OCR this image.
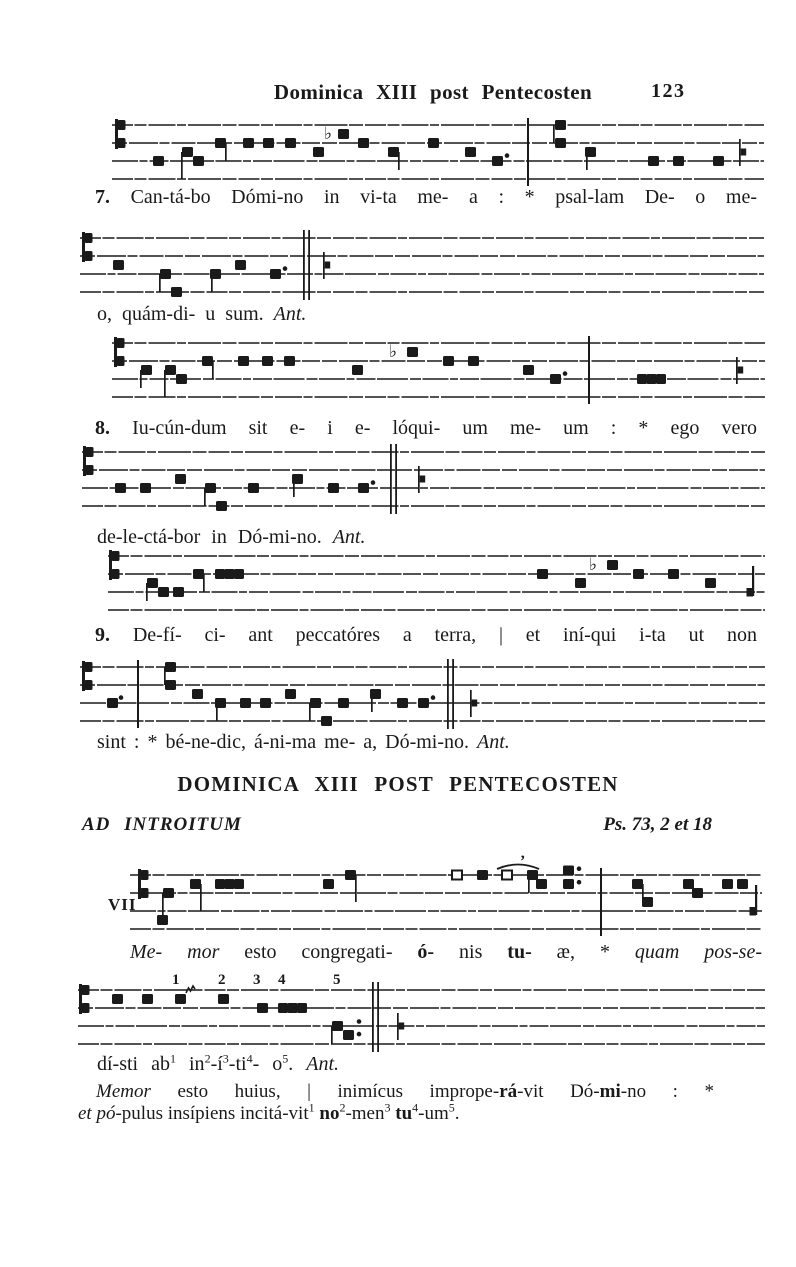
Dominica XIII post Pentecosten	123
♭
♭
♭
’
1	2 3 4	5
7. Can-tá-bo Dómi-no in vi-ta me- a : * psal-lam De- o me-
o, quám-di- u sum. Ant.
8. Iu-cún-dum sit e- i e- lóqui- um me- um : * ego vero
de-le-ctá-bor in Dó-mi-no. Ant.
9. De-fí- ci- ant peccatóres a terra, | et iní-qui i-ta ut non
sint : * bé-ne-dic, á-ni-ma me- a, Dó-mi-no. Ant.
DOMINICA XIII POST PENTECOSTEN
AD INTROITUM	Ps. 73, 2 et 18
VII
Me- mor esto congregati- ó- nis tu- æ, * quam pos-se-
dí-sti $ab^1$ $in^2-í^3-ti^4-$ $o^5$. Ant.
Memor esto huius, | inimícus imprope-rá-vit Dó-mi-no : *
et pó-pulus insípiens incitá-vit$^1$ $no^2-men^3$ $tu^4-um^5$.
